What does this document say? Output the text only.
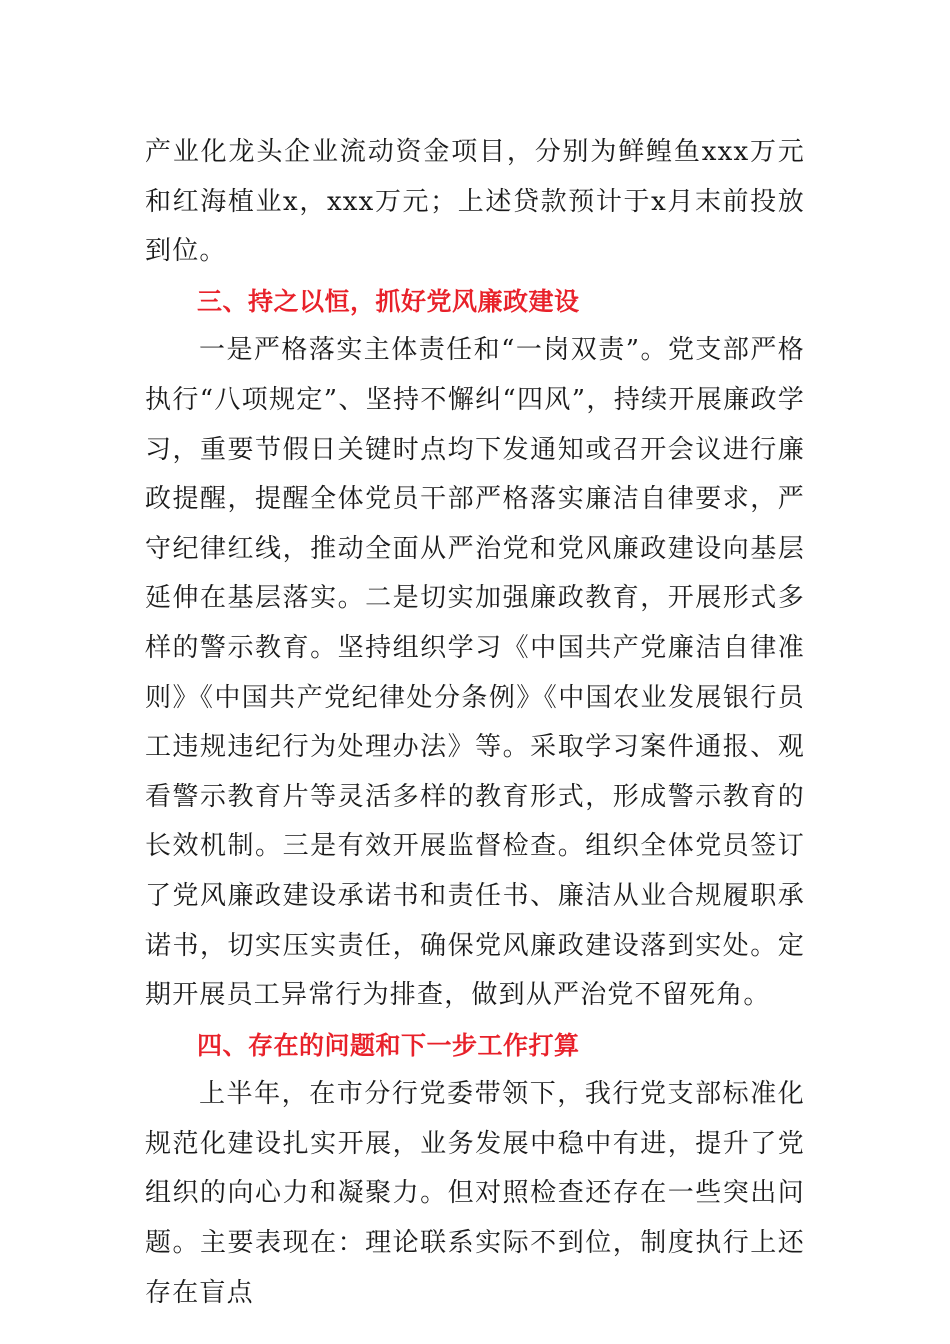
产业化龙头企业流动资金项目，分别为鲜鳇鱼xxx万元和红海植业x，xxx万元；上述贷款预计于x月末前投放到位。

三、持之以恒，抓好党风廉政建设

一是严格落实主体责任和“一岗双责”。党支部严格执行“八项规定”、坚持不懈纠“四风”，持续开展廉政学习，重要节假日关键时点均下发通知或召开会议进行廉政提醒，提醒全体党员干部严格落实廉洁自律要求，严守纪律红线，推动全面从严治党和党风廉政建设向基层延伸在基层落实。二是切实加强廉政教育，开展形式多样的警示教育。坚持组织学习《中国共产党廉洁自律准则》《中国共产党纪律处分条例》《中国农业发展银行员工违规违纪行为处理办法》等。采取学习案件通报、观看警示教育片等灵活多样的教育形式，形成警示教育的长效机制。三是有效开展监督检查。组织全体党员签订了党风廉政建设承诺书和责任书、廉洁从业合规履职承诺书，切实压实责任，确保党风廉政建设落到实处。定期开展员工异常行为排查，做到从严治党不留死角。

四、存在的问题和下一步工作打算

上半年，在市分行党委带领下，我行党支部标准化规范化建设扎实开展，业务发展中稳中有进，提升了党组织的向心力和凝聚力。但对照检查还存在一些突出问题。主要表现在：理论联系实际不到位，制度执行上还存在盲点
